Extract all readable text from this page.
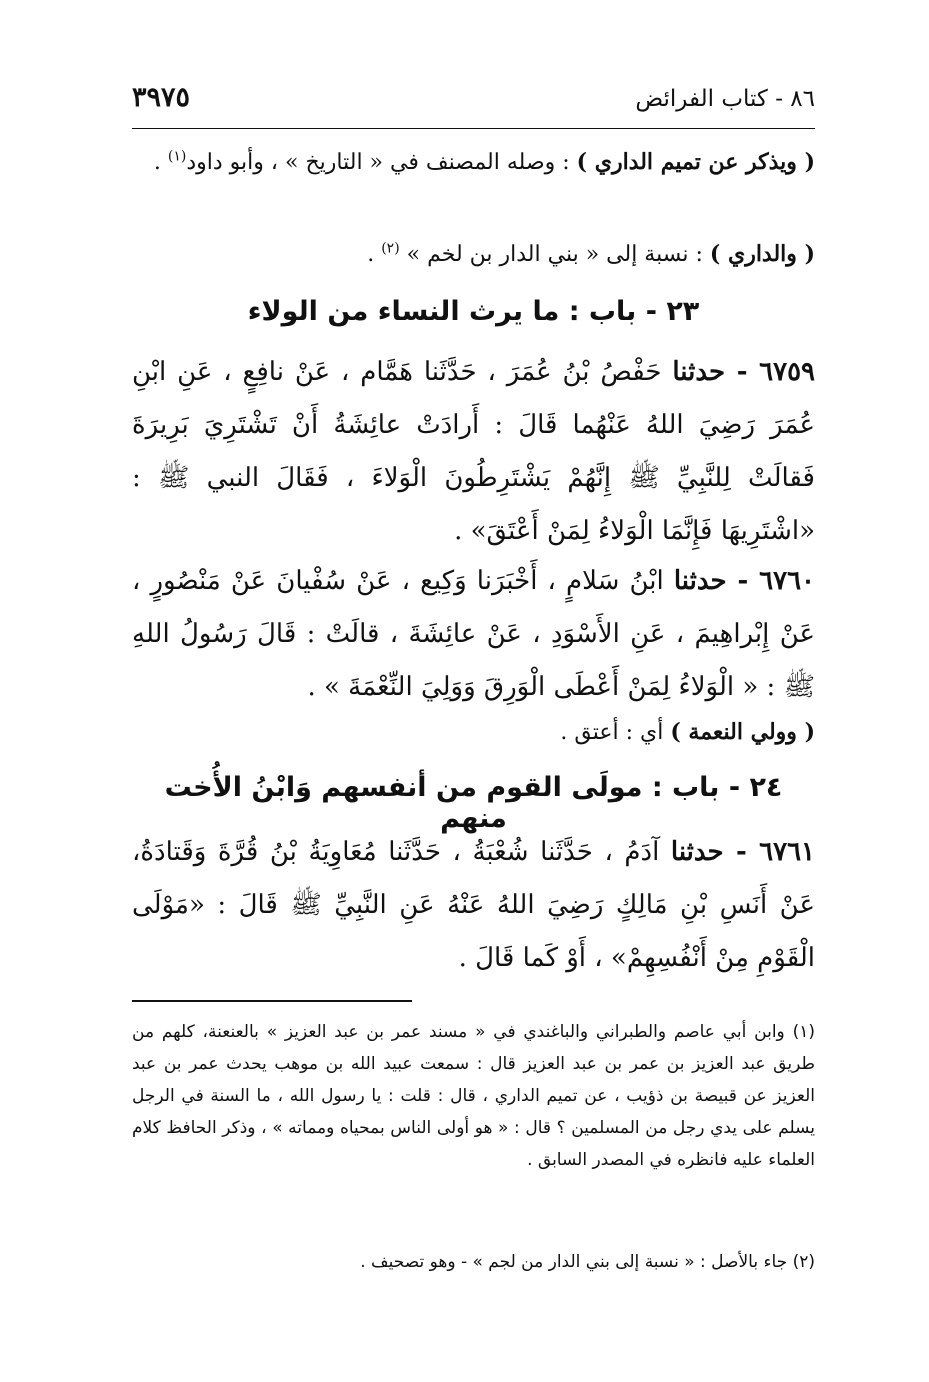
٨٦ - كتاب الفرائض
٣٩٧٥
( ويذكر عن تميم الداري ) : وصله المصنف في « التاريخ » ، وأبو داود$^{(١)}$ .
( والداري ) : نسبة إلى « بني الدار بن لخم » $^{(٢)}$ .
٢٣ - باب : ما يرث النساء من الولاء
٦٧٥٩ - حدثنا حَفْصُ بْنُ عُمَرَ ، حَدَّثَنا هَمَّام ، عَنْ نافِعٍ ، عَنِ ابْنِ عُمَرَ رَضِيَ اللهُ عَنْهُما قَالَ : أَرادَتْ عائِشَةُ أَنْ تَشْتَرِيَ بَرِيرَةَ فَقالَتْ لِلنَّبِيِّ ﷺ إِنَّهُمْ يَشْتَرِطُونَ الْوَلاءَ ، فَقَالَ النبي ﷺ : «اشْتَرِيهَا فَإِنَّمَا الْوَلاءُ لِمَنْ أَعْتَقَ» .
٦٧٦٠ - حدثنا ابْنُ سَلامٍ ، أَخْبَرَنا وَكِيع ، عَنْ سُفْيانَ عَنْ مَنْصُورٍ ، عَنْ إِبْراهِيمَ ، عَنِ الأَسْوَدِ ، عَنْ عائِشَةَ ، قالَتْ : قَالَ رَسُولُ اللهِ ﷺ : « الْوَلاءُ لِمَنْ أَعْطَى الْوَرِقَ وَوَلِيَ النِّعْمَةَ » .
( وولي النعمة ) أي : أعتق .
٢٤ - باب : مولَى القوم من أنفسهم وَابْنُ الأُخت منهم
٦٧٦١ - حدثنا آدَمُ ، حَدَّثَنا شُعْبَةُ ، حَدَّثَنا مُعَاوِيَةُ بْنُ قُرَّةَ وَقَتادَةُ، عَنْ أَنَسِ بْنِ مَالِكٍ رَضِيَ اللهُ عَنْهُ عَنِ النَّبِيِّ ﷺ قَالَ : «مَوْلَى الْقَوْمِ مِنْ أَنْفُسِهِمْ» ، أَوْ كَما قَالَ .
(١) وابن أبي عاصم والطبراني والباغندي في « مسند عمر بن عبد العزيز » بالعنعنة، كلهم من طريق عبد العزيز بن عمر بن عبد العزيز قال : سمعت عبيد الله بن موهب يحدث عمر بن عبد العزيز عن قبيصة بن ذؤيب ، عن تميم الداري ، قال : قلت : يا رسول الله ، ما السنة في الرجل يسلم على يدي رجل من المسلمين ؟ قال : « هو أولى الناس بمحياه ومماته » ، وذكر الحافظ كلام العلماء عليه فانظره في المصدر السابق .
(٢) جاء بالأصل : « نسبة إلى بني الدار من لجم » - وهو تصحيف .
